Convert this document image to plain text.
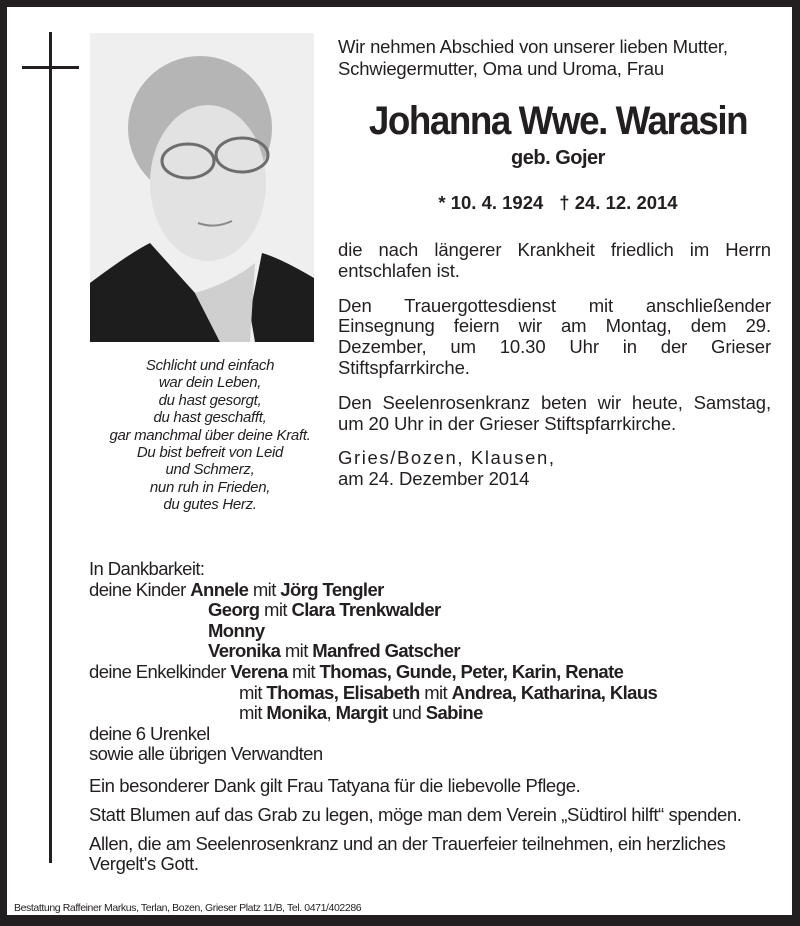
Schlicht und einfach
war dein Leben,
du hast gesorgt,
du hast geschafft,
gar manchmal über deine Kraft.
Du bist befreit von Leid
und Schmerz,
nun ruh in Frieden,
du gutes Herz.
Wir nehmen Abschied von unserer lieben Mutter,
Schwiegermutter, Oma und Uroma, Frau
Johanna Wwe. Warasin
geb. Gojer
* 10. 4. 1924 † 24. 12. 2014

die nach längerer Krankheit friedlich im Herrn entschlafen ist.

Den Trauergottesdienst mit anschließender Einsegnung feiern wir am Montag, dem 29. Dezember, um 10.30 Uhr in der Grieser Stiftspfarrkirche.

Den Seelenrosenkranz beten wir heute, Samstag, um 20 Uhr in der Grieser Stiftspfarrkirche.

Gries/Bozen, Klausen,
am 24. Dezember 2014

In Dankbarkeit:
deine Kinder Annele mit Jörg Tengler
Georg mit Clara Trenkwalder
Monny
Veronika mit Manfred Gatscher
deine Enkelkinder Verena mit Thomas, Gunde, Peter, Karin, Renate
mit Thomas, Elisabeth mit Andrea, Katharina, Klaus
mit Monika, Margit und Sabine
deine 6 Urenkel
sowie alle übrigen Verwandten

Ein besonderer Dank gilt Frau Tatyana für die liebevolle Pflege.

Statt Blumen auf das Grab zu legen, möge man dem Verein „Südtirol hilft“ spenden.

Allen, die am Seelenrosenkranz und an der Trauerfeier teilnehmen, ein herzliches Vergelt's Gott.

Bestattung Raffeiner Markus, Terlan, Bozen, Grieser Platz 11/B, Tel. 0471/402286
